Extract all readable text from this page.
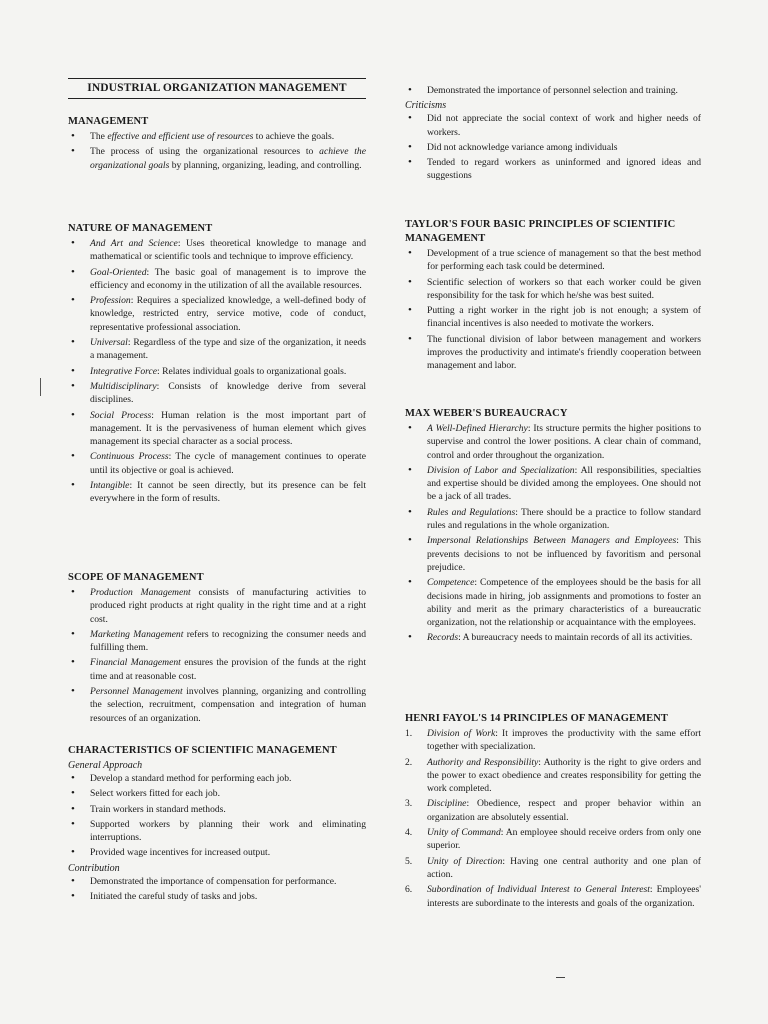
INDUSTRIAL ORGANIZATION MANAGEMENT
MANAGEMENT
• The effective and efficient use of resources to achieve the goals.
• The process of using the organizational resources to achieve the organizational goals by planning, organizing, leading, and controlling.
NATURE OF MANAGEMENT
• And Art and Science: Uses theoretical knowledge to manage and mathematical or scientific tools and technique to improve efficiency.
• Goal-Oriented: The basic goal of management is to improve the efficiency and economy in the utilization of all the available resources.
• Profession: Requires a specialized knowledge, a well-defined body of knowledge, restricted entry, service motive, code of conduct, representative professional association.
• Universal: Regardless of the type and size of the organization, it needs a management.
• Integrative Force: Relates individual goals to organizational goals.
• Multidisciplinary: Consists of knowledge derive from several disciplines.
• Social Process: Human relation is the most important part of management. It is the pervasiveness of human element which gives management its special character as a social process.
• Continuous Process: The cycle of management continues to operate until its objective or goal is achieved.
• Intangible: It cannot be seen directly, but its presence can be felt everywhere in the form of results.
SCOPE OF MANAGEMENT
• Production Management consists of manufacturing activities to produced right products at right quality in the right time and at a right cost.
• Marketing Management refers to recognizing the consumer needs and fulfilling them.
• Financial Management ensures the provision of the funds at the right time and at reasonable cost.
• Personnel Management involves planning, organizing and controlling the selection, recruitment, compensation and integration of human resources of an organization.
CHARACTERISTICS OF SCIENTIFIC MANAGEMENT
General Approach
• Develop a standard method for performing each job.
• Select workers fitted for each job.
• Train workers in standard methods.
• Supported workers by planning their work and eliminating interruptions.
• Provided wage incentives for increased output.
Contribution
• Demonstrated the importance of compensation for performance.
• Initiated the careful study of tasks and jobs.
• Demonstrated the importance of personnel selection and training.
Criticisms
• Did not appreciate the social context of work and higher needs of workers.
• Did not acknowledge variance among individuals
• Tended to regard workers as uninformed and ignored ideas and suggestions
TAYLOR'S FOUR BASIC PRINCIPLES OF SCIENTIFIC MANAGEMENT
• Development of a true science of management so that the best method for performing each task could be determined.
• Scientific selection of workers so that each worker could be given responsibility for the task for which he/she was best suited.
• Putting a right worker in the right job is not enough; a system of financial incentives is also needed to motivate the workers.
• The functional division of labor between management and workers improves the productivity and intimate's friendly cooperation between management and labor.
MAX WEBER'S BUREAUCRACY
• A Well-Defined Hierarchy: Its structure permits the higher positions to supervise and control the lower positions. A clear chain of command, control and order throughout the organization.
• Division of Labor and Specialization: All responsibilities, specialties and expertise should be divided among the employees. One should not be a jack of all trades.
• Rules and Regulations: There should be a practice to follow standard rules and regulations in the whole organization.
• Impersonal Relationships Between Managers and Employees: This prevents decisions to not be influenced by favoritism and personal prejudice.
• Competence: Competence of the employees should be the basis for all decisions made in hiring, job assignments and promotions to foster an ability and merit as the primary characteristics of a bureaucratic organization, not the relationship or acquaintance with the employees.
• Records: A bureaucracy needs to maintain records of all its activities.
HENRI FAYOL'S 14 PRINCIPLES OF MANAGEMENT
1. Division of Work: It improves the productivity with the same effort together with specialization.
2. Authority and Responsibility: Authority is the right to give orders and the power to exact obedience and creates responsibility for getting the work completed.
3. Discipline: Obedience, respect and proper behavior within an organization are absolutely essential.
4. Unity of Command: An employee should receive orders from only one superior.
5. Unity of Direction: Having one central authority and one plan of action.
6. Subordination of Individual Interest to General Interest: Employees' interests are subordinate to the interests and goals of the organization.
